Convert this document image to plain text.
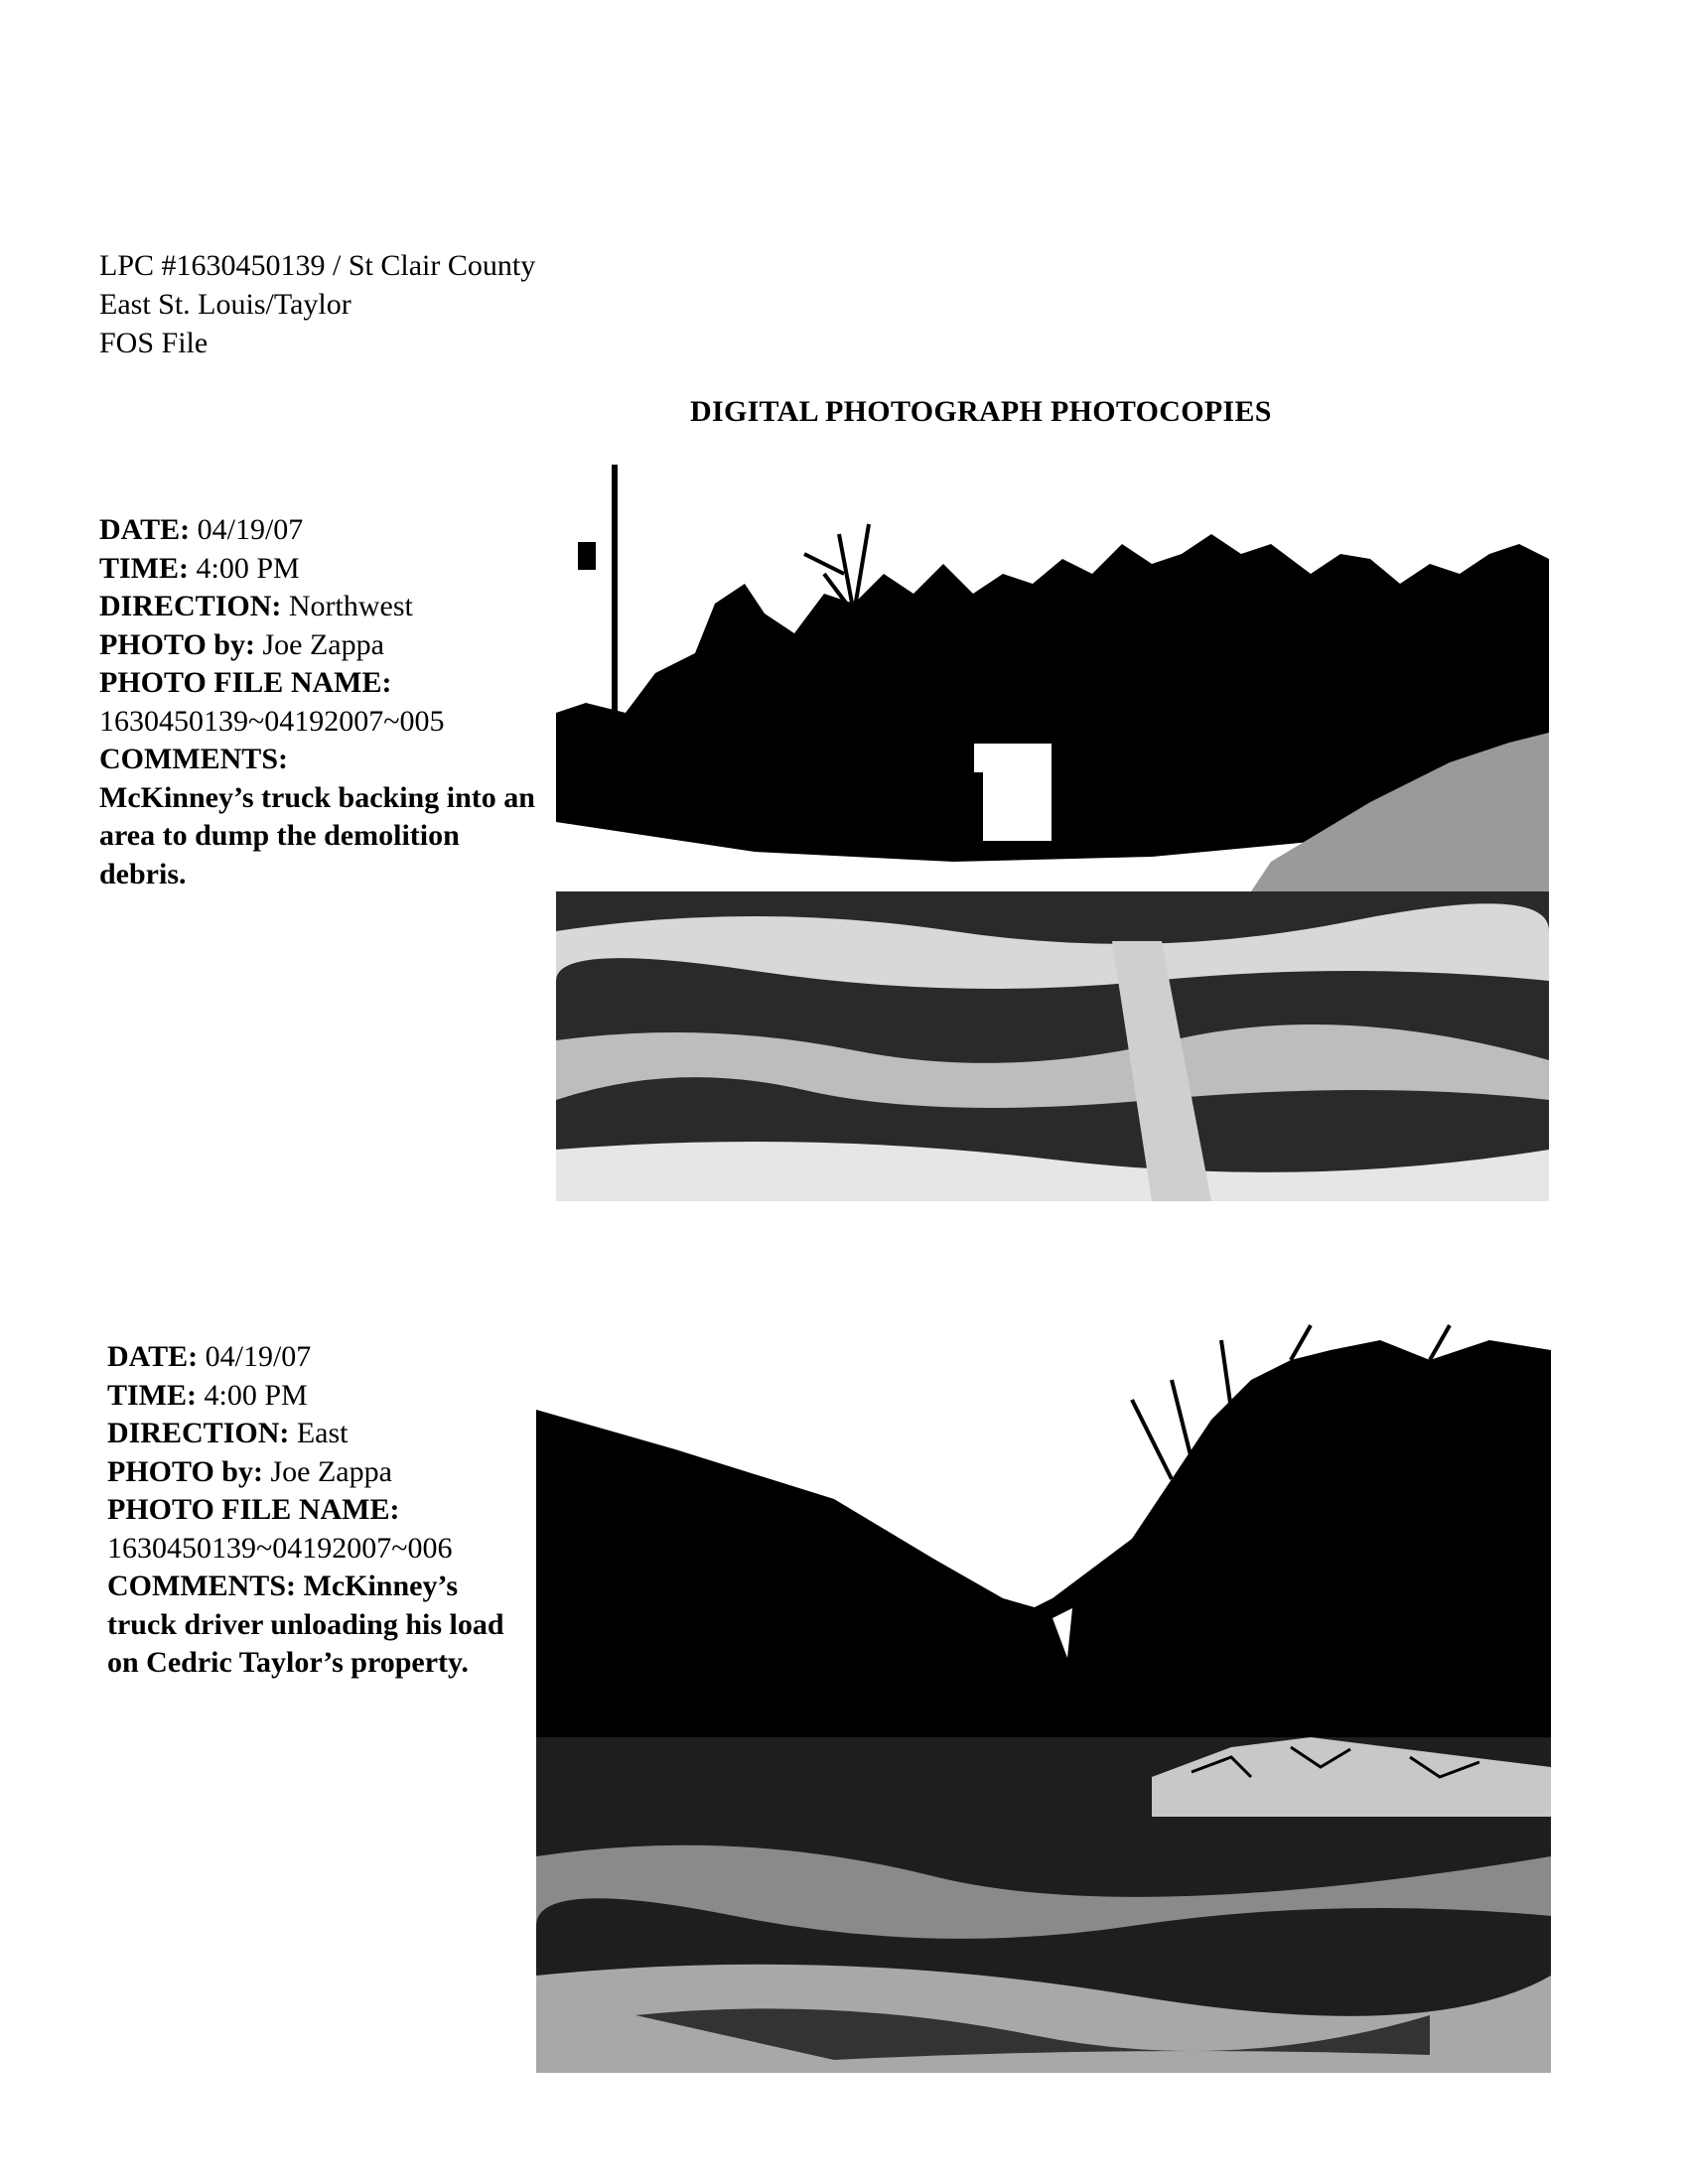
LPC #1630450139 / St Clair County
East St. Louis/Taylor
FOS File
DIGITAL PHOTOGRAPH PHOTOCOPIES
DATE: 04/19/07
TIME: 4:00 PM
DIRECTION: Northwest
PHOTO by: Joe Zappa
PHOTO FILE NAME:
1630450139~04192007~005
COMMENTS:
McKinney’s truck backing into an area to dump the demolition debris.
DATE: 04/19/07
TIME: 4:00 PM
DIRECTION: East
PHOTO by: Joe Zappa
PHOTO FILE NAME:
1630450139~04192007~006
COMMENTS: McKinney’s truck driver unloading his load on Cedric Taylor’s property.
